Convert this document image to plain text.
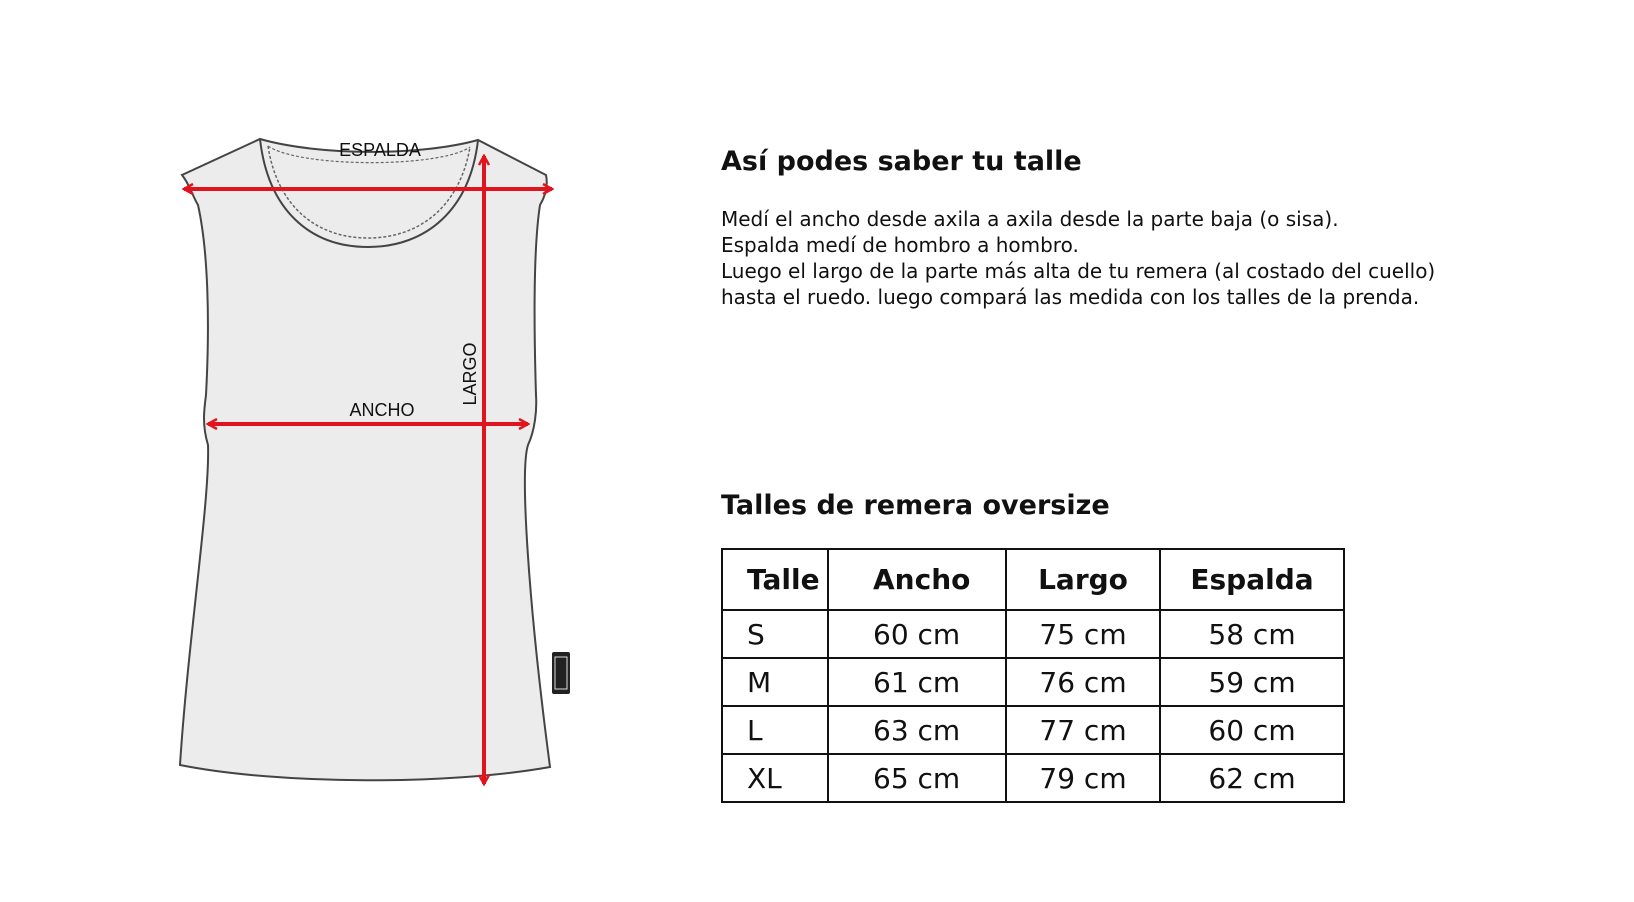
ESPALDA
ANCHO
LARGO
Así podes saber tu talle
Medí el ancho desde axila a axila desde la parte baja (o sisa).
Espalda medí de hombro a hombro.
Luego el largo de la parte más alta de tu remera (al costado del cuello)
hasta el ruedo. luego compará las medida con los talles de la prenda.
Talles de remera oversize
Talle	Ancho	Largo	Espalda
S	60 cm	75 cm	58 cm
M	61 cm	76 cm	59 cm
L	63 cm	77 cm	60 cm
XL	65 cm	79 cm	62 cm
